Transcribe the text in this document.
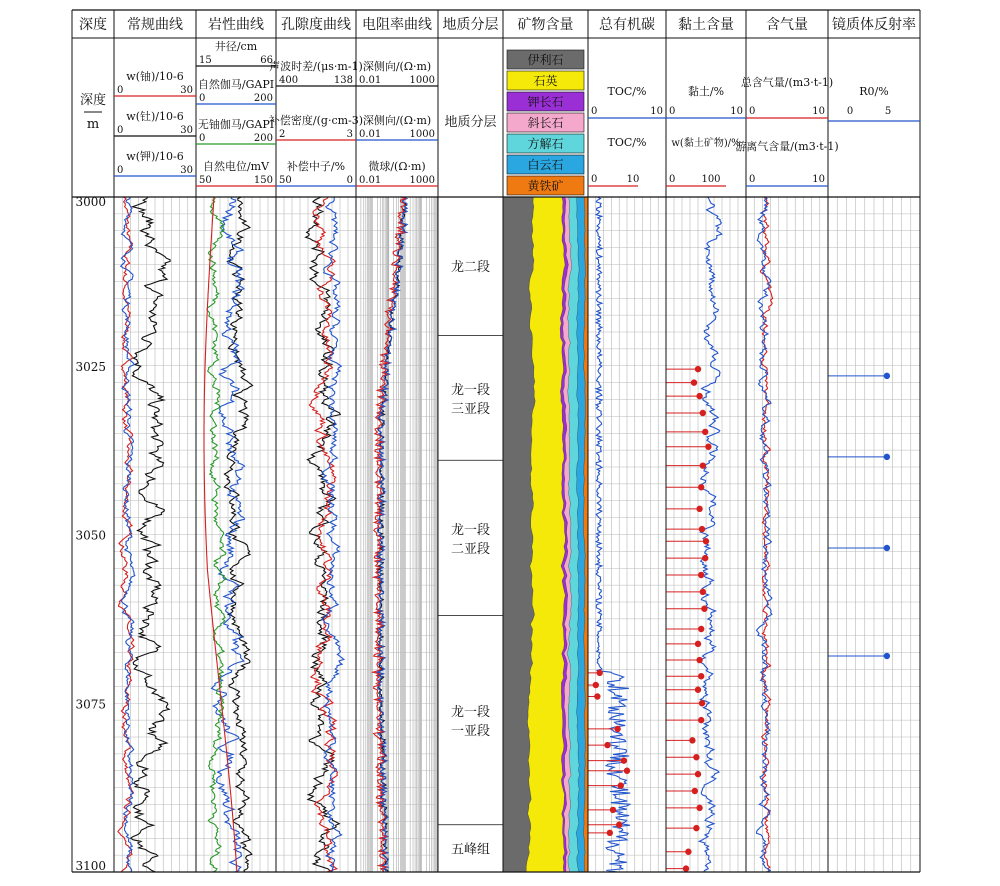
龙二段
龙一段
三亚段
龙一段
二亚段
龙一段
一亚段
五峰组
深度 常规曲线 岩性曲线 孔隙度曲线 电阻率曲线 地质分层 矿物含量 总有机碳 黏土含量 含气量 镜质体反射率
深度
m
3000
3025
3050
3075
3100
w(铀)/10-6
0	30
w(钍)/10-6
0	30
w(钾)/10-6
0	30
井径/cm
15	66
自然伽马/GAPI
0	200
无铀伽马/GAPI
0	200
自然电位/mV
50	150
声波时差/(μs·m-1)
400	138
补偿密度/(g·cm-3)
2	3
补偿中子/%
50	0
深侧向/(Ω·m)
0.01	1000
深侧向/(Ω·m)
0.01	1000
微球/(Ω·m)
0.01	1000
地质分层
伊利石
石英
钾长石
斜长石
方解石
白云石
黄铁矿
TOC/%
0	10
TOC/%
0	10
黏土/%
0	10
w(黏土矿物)/%
0	100
总含气量/(m3·t-1)
0	10
游离气含量/(m3·t-1)
0	10
R0/%
0	5
